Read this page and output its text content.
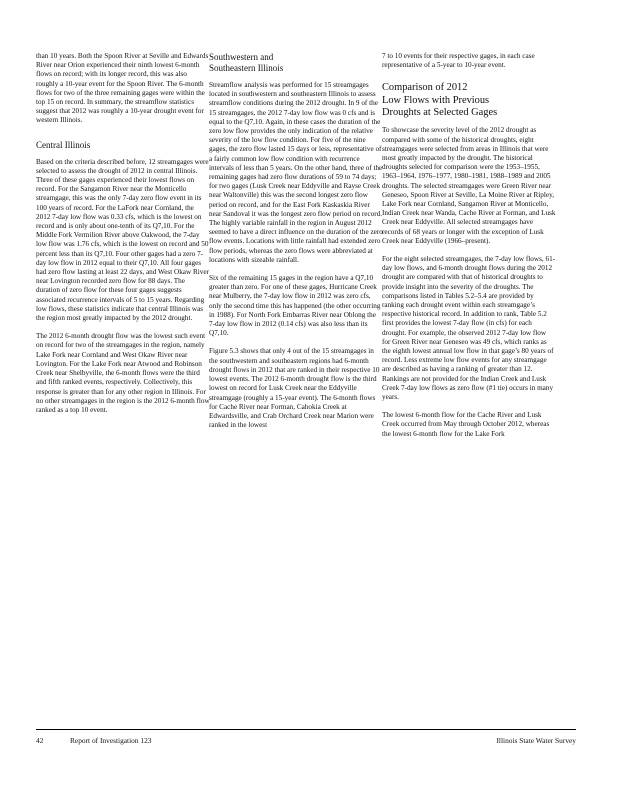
than 10 years. Both the Spoon River at Seville and Edwards River near Orion experienced their ninth lowest 6-month flows on record; with its longer record, this was also roughly a 10-year event for the Spoon River. The 6-month flows for two of the three remaining gages were within the top 15 on record. In summary, the streamflow statistics suggest that 2012 was roughly a 10-year drought event for western Illinois.

Central Illinois

Based on the criteria described before, 12 streamgages were selected to assess the drought of 2012 in central Illinois. Three of these gages experienced their lowest flows on record. For the Sangamon River near the Monticello streamgage, this was the only 7-day zero flow event in its 100 years of record. For the LaFork near Cornland, the 2012 7-day low flow was 0.33 cfs, which is the lowest on record and is only about one-tenth of its Q7,10. For the Middle Fork Vermilion River above Oakwood, the 7-day low flow was 1.76 cfs, which is the lowest on record and 50 percent less than its Q7,10. Four other gages had a zero 7-day low flow in 2012 equal to their Q7,10. All four gages had zero flow lasting at least 22 days, and West Okaw River near Lovington recorded zero flow for 88 days. The duration of zero flow for these four gages suggests associated recurrence intervals of 5 to 15 years. Regarding low flows, these statistics indicate that central Illinois was the region most greatly impacted by the 2012 drought.

The 2012 6-month drought flow was the lowest such event on record for two of the streamgages in the region, namely Lake Fork near Cornland and West Okaw River near Lovington. For the Lake Fork near Atwood and Robinson Creek near Shelbyville, the 6-month flows were the third and fifth ranked events, respectively. Collectively, this response is greater than for any other region in Illinois. For no other streamgages in the region is the 2012 6-month flow ranked as a top 10 event.

Southwestern and
Southeastern Illinois

Streamflow analysis was performed for 15 streamgages located in southwestern and southeastern Illinois to assess streamflow conditions during the 2012 drought. In 9 of the 15 streamgages, the 2012 7-day low flow was 0 cfs and is equal to the Q7,10. Again, in these cases the duration of the zero low flow provides the only indication of the relative severity of the low flow condition. For five of the nine gages, the zero flow lasted 15 days or less, representative of a fairly common low flow condition with recurrence intervals of less than 5 years. On the other hand, three of the remaining gages had zero flow durations of 59 to 74 days; for two gages (Lusk Creek near Eddyville and Rayse Creek near Waltonville) this was the second longest zero flow period on record, and for the East Fork Kaskaskia River near Sandoval it was the longest zero flow period on record. The highly variable rainfall in the region in August 2012 seemed to have a direct influence on the duration of the zero flow events. Locations with little rainfall had extended zero flow periods, whereas the zero flows were abbreviated at locations with sizeable rainfall.

Six of the remaining 15 gages in the region have a Q7,10 greater than zero. For one of these gages, Hurricane Creek near Mulberry, the 7-day low flow in 2012 was zero cfs, only the second time this has happened (the other occurring in 1988). For North Fork Embarras River near Oblong the 7-day low flow in 2012 (0.14 cfs) was also less than its Q7,10.

Figure 5.3 shows that only 4 out of the 15 streamgages in the southwestern and southeastern regions had 6-month drought flows in 2012 that are ranked in their respective 10 lowest events. The 2012 6-month drought flow is the third lowest on record for Lusk Creek near the Eddyville streamgage (roughly a 15-year event). The 6-month flows for Cache River near Forman, Cahokia Creek at Edwardsville, and Crab Orchard Creek near Marion were ranked in the lowest

7 to 10 events for their respective gages, in each case representative of a 5-year to 10-year event.

Comparison of 2012
Low Flows with Previous
Droughts at Selected Gages

To showcase the severity level of the 2012 drought as compared with some of the historical droughts, eight streamgages were selected from areas in Illinois that were most greatly impacted by the drought. The historical droughts selected for comparison were the 1953–1955, 1963–1964, 1976–1977, 1980–1981, 1988–1989 and 2005 droughts. The selected streamgages were Green River near Geneseo, Spoon River at Seville, La Moine River at Ripley, Lake Fork near Cornland, Sangamon River at Monticello, Indian Creek near Wanda, Cache River at Forman, and Lusk Creek near Eddyville. All selected streamgages have records of 68 years or longer with the exception of Lusk Creek near Eddyville (1966–present).

For the eight selected streamgages, the 7-day low flows, 61-day low flows, and 6-month drought flows during the 2012 drought are compared with that of historical droughts to provide insight into the severity of the droughts. The comparisons listed in Tables 5.2–5.4 are provided by ranking each drought event within each streamgage’s respective historical record. In addition to rank, Table 5.2 first provides the lowest 7-day flow (in cfs) for each drought. For example, the observed 2012 7-day low flow for Green River near Geneseo was 49 cfs, which ranks as the eighth lowest annual low flow in that gage’s 80 years of record. Less extreme low flow events for any streamgage are described as having a ranking of greater than 12. Rankings are not provided for the Indian Creek and Lusk Creek 7-day low flows as zero flow (#1 tie) occurs in many years.

The lowest 6-month flow for the Cache River and Lusk Creek occurred from May through October 2012, whereas the lowest 6-month flow for the Lake Fork

42	Report of Investigation 123	Illinois State Water Survey
